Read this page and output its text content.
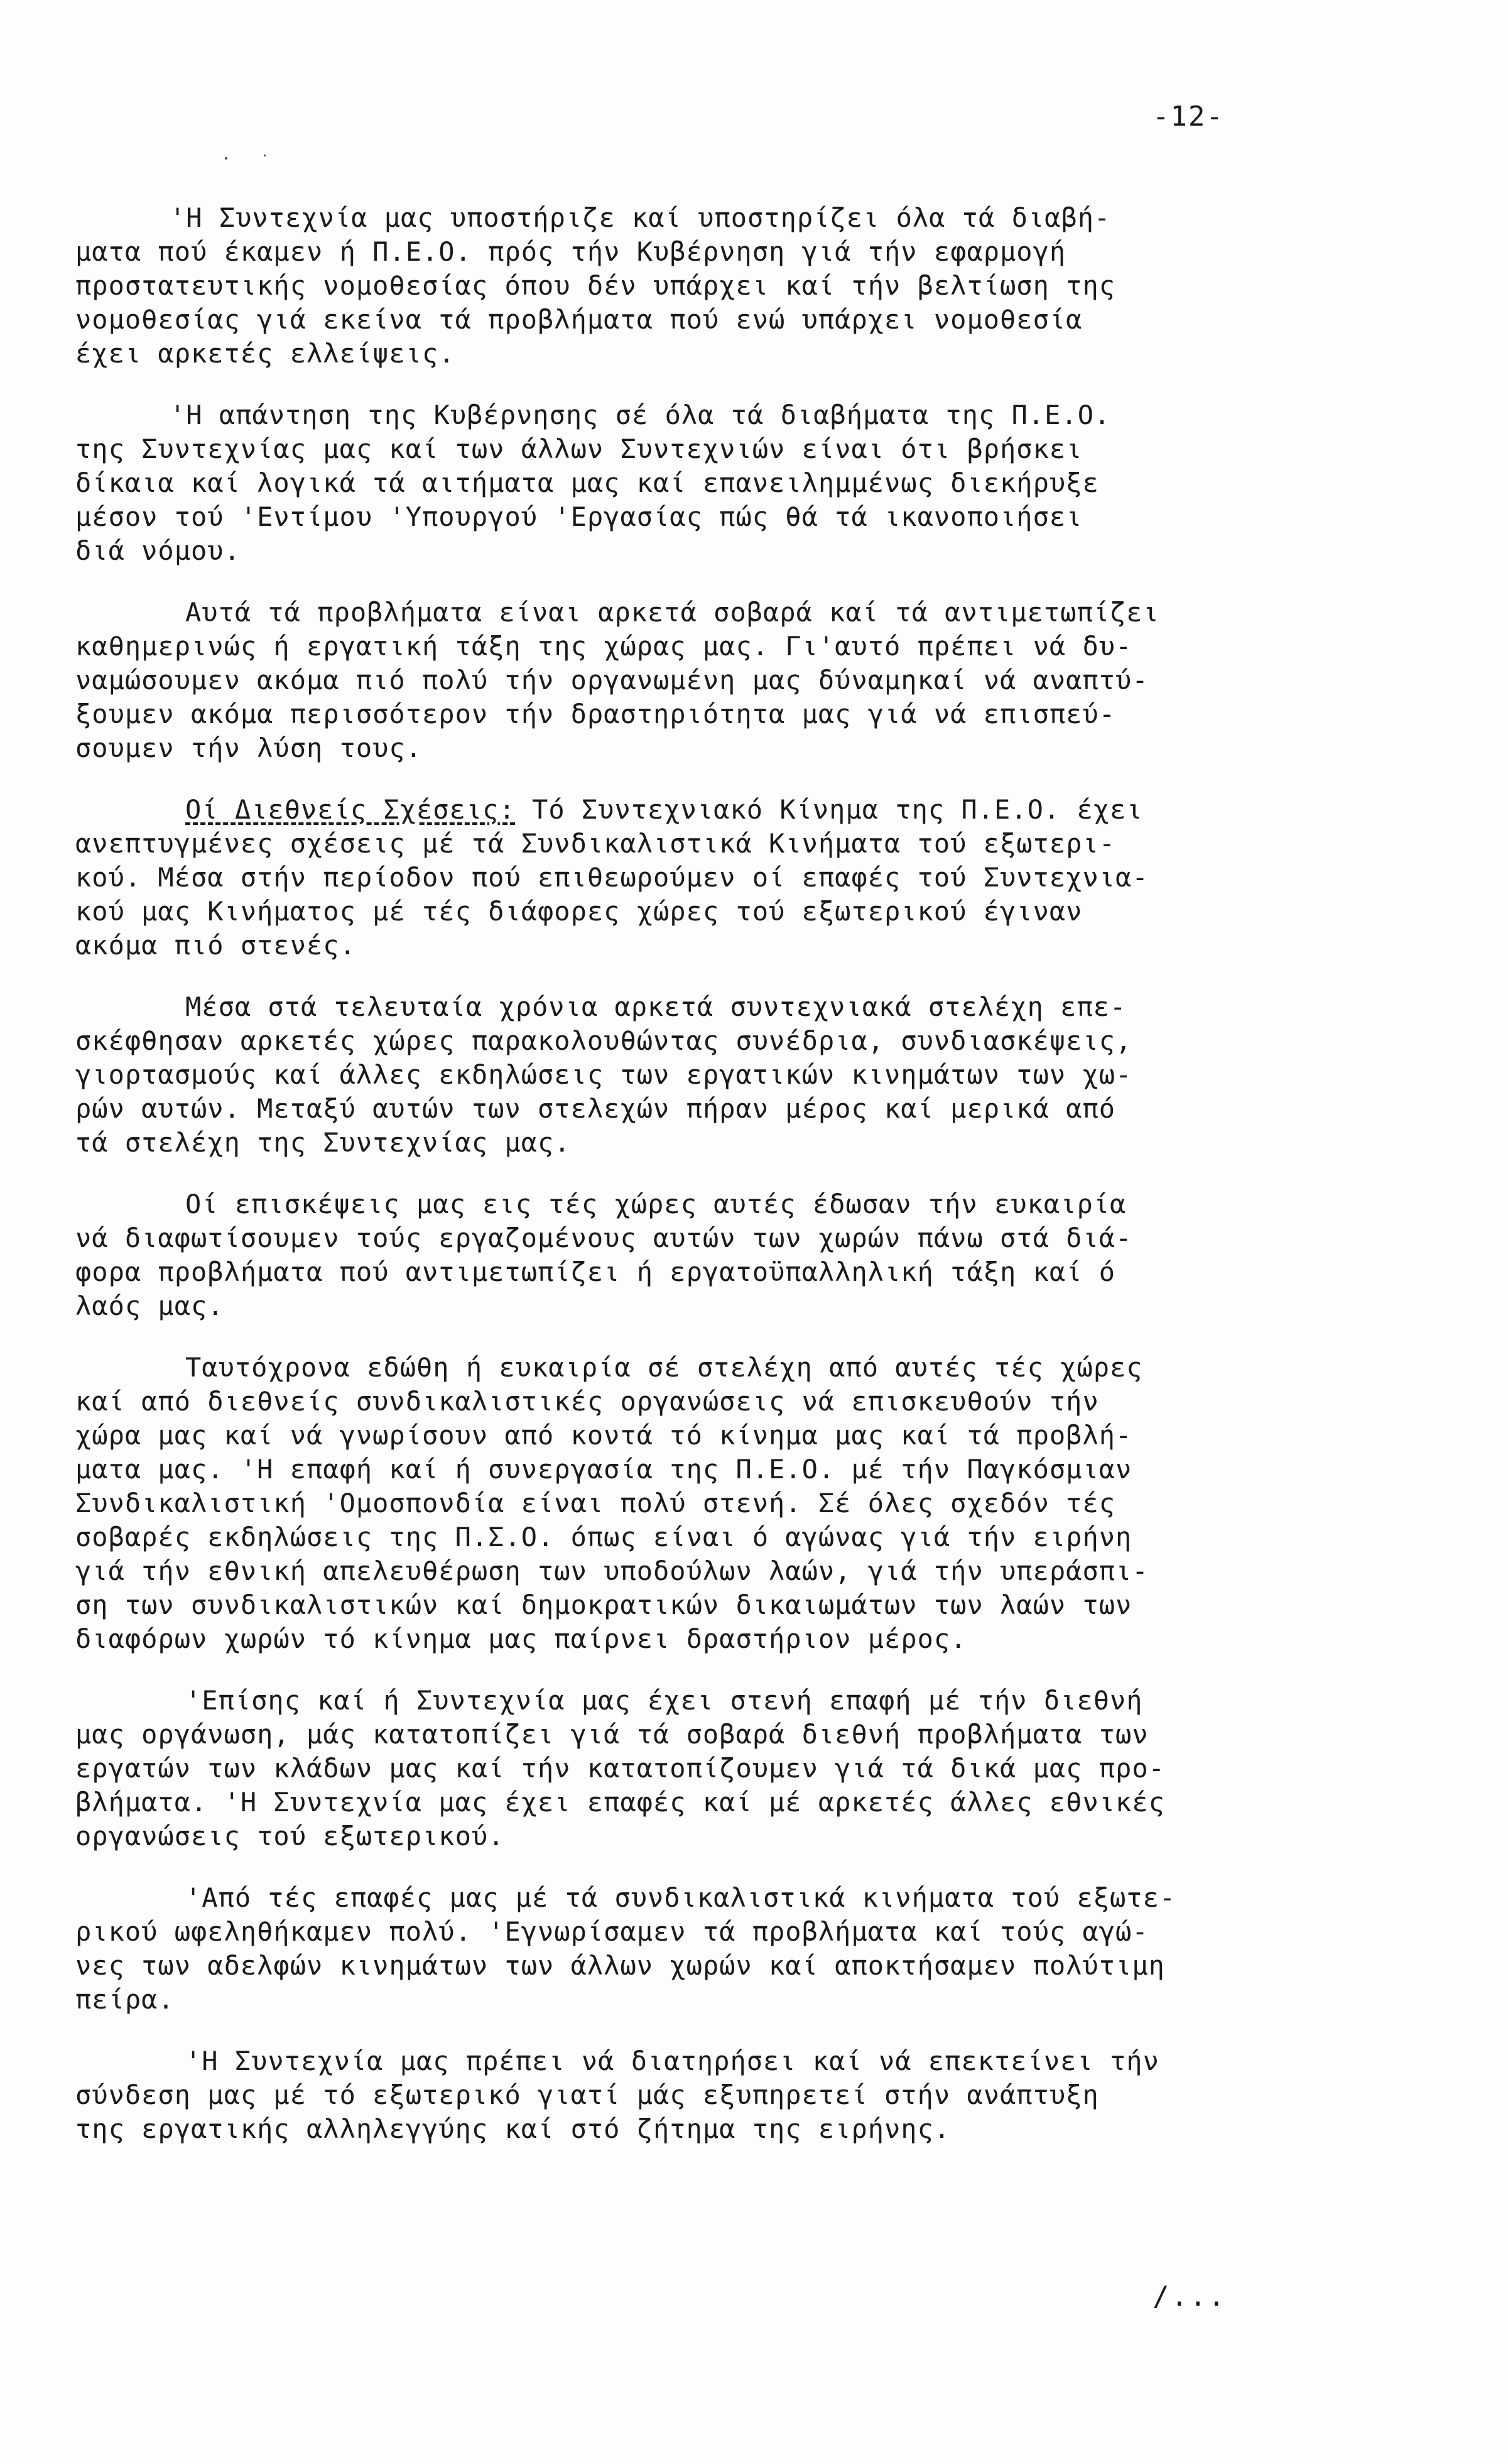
-12-
'Η Συντεχνία μας υποστήριζε καί υποστηρίζει όλα τά διαβή-
ματα πού έκαμεν ή Π.Ε.Ο. πρός τήν Κυβέρνηση γιά τήν εφαρμογή
προστατευτικής νομοθεσίας όπου δέν υπάρχει καί τήν βελτίωση της
νομοθεσίας γιά εκείνα τά προβλήματα πού ενώ υπάρχει νομοθεσία
έχει αρκετές ελλείψεις.
'Η απάντηση της Κυβέρνησης σέ όλα τά διαβήματα της Π.Ε.Ο.
της Συντεχνίας μας καί των άλλων Συντεχνιών είναι ότι βρήσκει
δίκαια καί λογικά τά αιτήματα μας καί επανειλημμένως διεκήρυξε
μέσον τού 'Εντίμου 'Υπουργού 'Εργασίας πώς θά τά ικανοποιήσει
διά νόμου.
Αυτά τά προβλήματα είναι αρκετά σοβαρά καί τά αντιμετωπίζει
καθημερινώς ή εργατική τάξη της χώρας μας. Γι'αυτό πρέπει νά δυ-
ναμώσουμεν ακόμα πιό πολύ τήν οργανωμένη μας δύναμηκαί νά αναπτύ-
ξουμεν ακόμα περισσότερον τήν δραστηριότητα μας γιά νά επισπεύ-
σουμεν τήν λύση τους.
Οί Διεθνείς Σχέσεις: Τό Συντεχνιακό Κίνημα της Π.Ε.Ο. έχει
ανεπτυγμένες σχέσεις μέ τά Συνδικαλιστικά Κινήματα τού εξωτερι-
κού. Μέσα στήν περίοδον πού επιθεωρούμεν οί επαφές τού Συντεχνια-
κού μας Κινήματος μέ τές διάφορες χώρες τού εξωτερικού έγιναν
ακόμα πιό στενές.
Μέσα στά τελευταία χρόνια αρκετά συντεχνιακά στελέχη επε-
σκέφθησαν αρκετές χώρες παρακολουθώντας συνέδρια, συνδιασκέψεις,
γιορτασμούς καί άλλες εκδηλώσεις των εργατικών κινημάτων των χω-
ρών αυτών. Μεταξύ αυτών των στελεχών πήραν μέρος καί μερικά από
τά στελέχη της Συντεχνίας μας.
Οί επισκέψεις μας εις τές χώρες αυτές έδωσαν τήν ευκαιρία
νά διαφωτίσουμεν τούς εργαζομένους αυτών των χωρών πάνω στά διά-
φορα προβλήματα πού αντιμετωπίζει ή εργατοϋπαλληλική τάξη καί ό
λαός μας.
Ταυτόχρονα εδώθη ή ευκαιρία σέ στελέχη από αυτές τές χώρες
καί από διεθνείς συνδικαλιστικές οργανώσεις νά επισκευθούν τήν
χώρα μας καί νά γνωρίσουν από κοντά τό κίνημα μας καί τά προβλή-
ματα μας. 'Η επαφή καί ή συνεργασία της Π.Ε.Ο. μέ τήν Παγκόσμιαν
Συνδικαλιστική 'Ομοσπονδία είναι πολύ στενή. Σέ όλες σχεδόν τές
σοβαρές εκδηλώσεις της Π.Σ.Ο. όπως είναι ό αγώνας γιά τήν ειρήνη
γιά τήν εθνική απελευθέρωση των υποδούλων λαών, γιά τήν υπεράσπι-
ση των συνδικαλιστικών καί δημοκρατικών δικαιωμάτων των λαών των
διαφόρων χωρών τό κίνημα μας παίρνει δραστήριον μέρος.
'Επίσης καί ή Συντεχνία μας έχει στενή επαφή μέ τήν διεθνή
μας οργάνωση, μάς κατατοπίζει γιά τά σοβαρά διεθνή προβλήματα των
εργατών των κλάδων μας καί τήν κατατοπίζουμεν γιά τά δικά μας προ-
βλήματα. 'Η Συντεχνία μας έχει επαφές καί μέ αρκετές άλλες εθνικές
οργανώσεις τού εξωτερικού.
'Από τές επαφές μας μέ τά συνδικαλιστικά κινήματα τού εξωτε-
ρικού ωφεληθήκαμεν πολύ. 'Εγνωρίσαμεν τά προβλήματα καί τούς αγώ-
νες των αδελφών κινημάτων των άλλων χωρών καί αποκτήσαμεν πολύτιμη
πείρα.
'Η Συντεχνία μας πρέπει νά διατηρήσει καί νά επεκτείνει τήν
σύνδεση μας μέ τό εξωτερικό γιατί μάς εξυπηρετεί στήν ανάπτυξη
της εργατικής αλληλεγγύης καί στό ζήτημα της ειρήνης.
/...
